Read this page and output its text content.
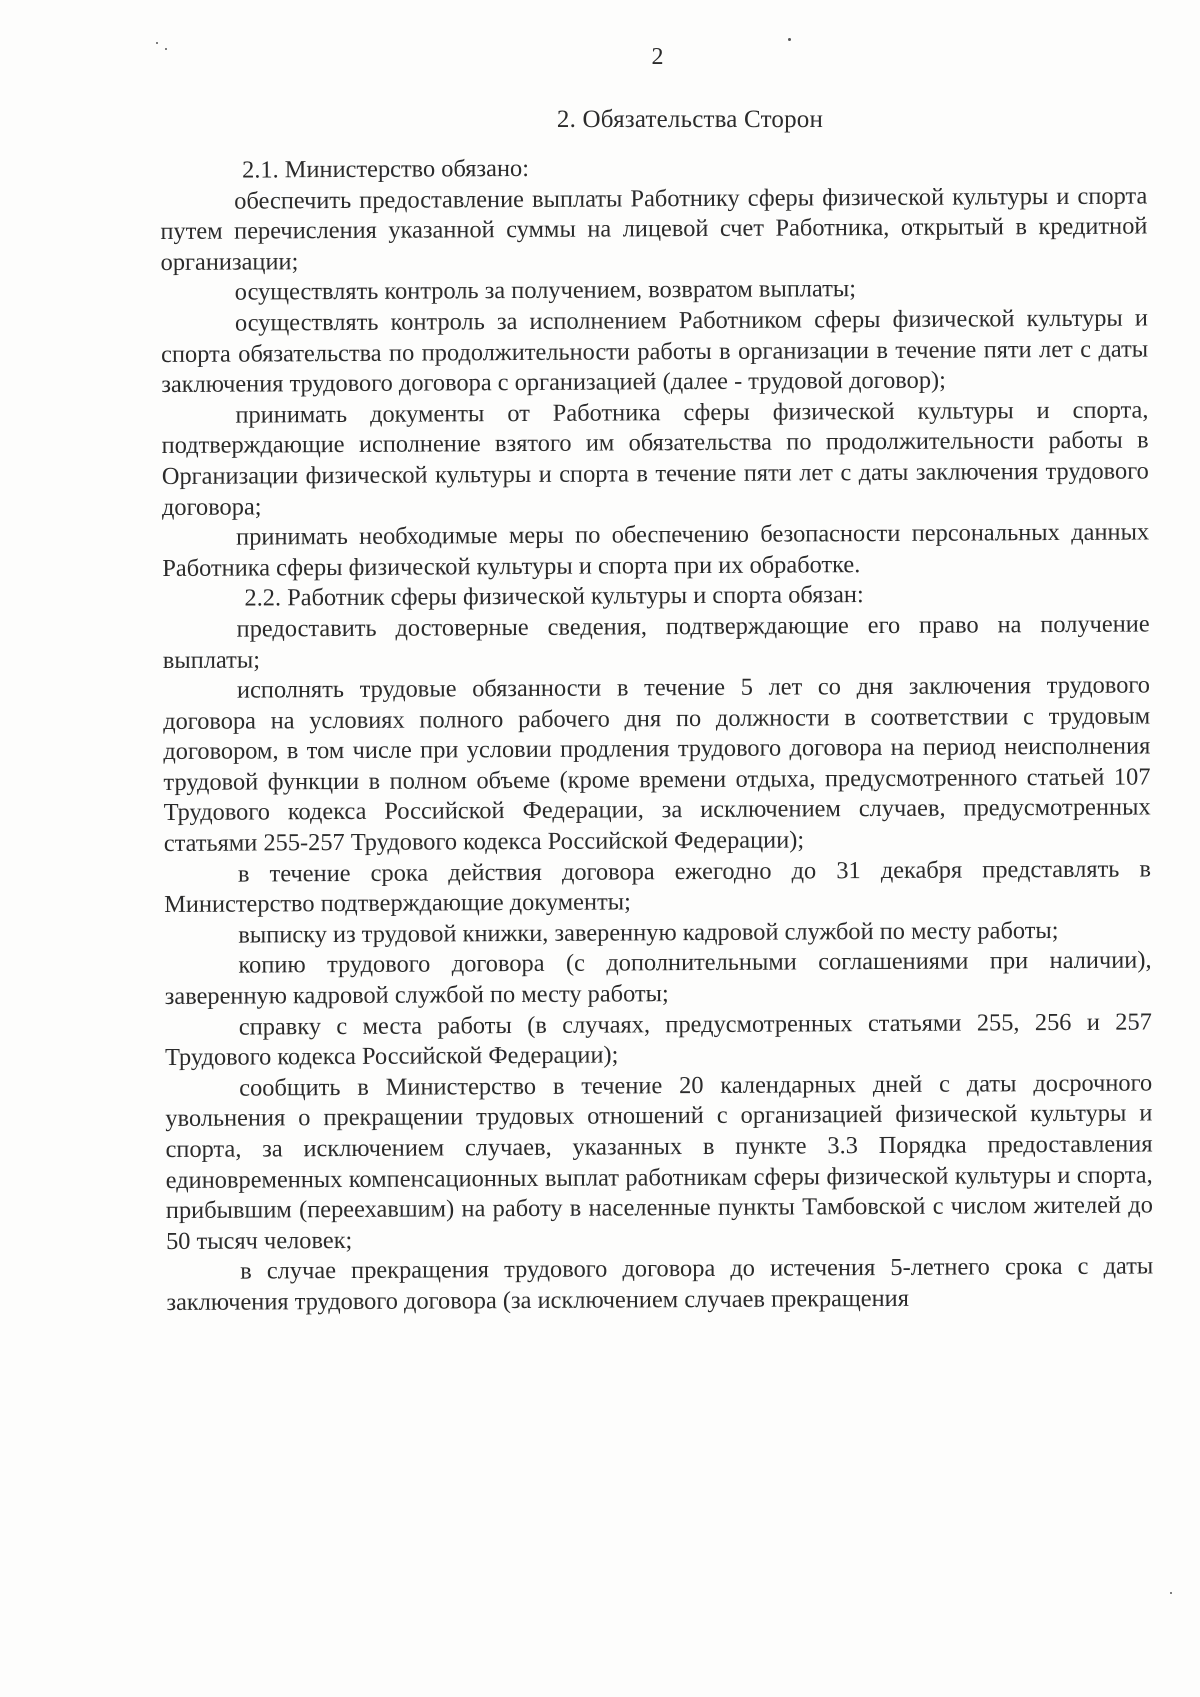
2
2. Обязательства Сторон

2.1. Министерство обязано:

обеспечить предоставление выплаты Работнику сферы физической культуры и спорта путем перечисления указанной суммы на лицевой счет Работника, открытый в кредитной организации;

осуществлять контроль за получением, возвратом выплаты;

осуществлять контроль за исполнением Работником сферы физической культуры и спорта обязательства по продолжительности работы в организации в течение пяти лет с даты заключения трудового договора с организацией (далее - трудовой договор);

принимать документы от Работника сферы физической культуры и спорта, подтверждающие исполнение взятого им обязательства по продолжительности работы в Организации физической культуры и спорта в течение пяти лет с даты заключения трудового договора;

принимать необходимые меры по обеспечению безопасности персональных данных Работника сферы физической культуры и спорта при их обработке.

2.2. Работник сферы физической культуры и спорта обязан:

предоставить достоверные сведения, подтверждающие его право на получение выплаты;

исполнять трудовые обязанности в течение 5 лет со дня заключения трудового договора на условиях полного рабочего дня по должности в соответствии с трудовым договором, в том числе при условии продления трудового договора на период неисполнения трудовой функции в полном объеме (кроме времени отдыха, предусмотренного статьей 107 Трудового кодекса Российской Федерации, за исключением случаев, предусмотренных статьями 255-257 Трудового кодекса Российской Федерации);

в течение срока действия договора ежегодно до 31 декабря представлять в Министерство подтверждающие документы;

выписку из трудовой книжки, заверенную кадровой службой по месту работы;

копию трудового договора (с дополнительными соглашениями при наличии), заверенную кадровой службой по месту работы;

справку с места работы (в случаях, предусмотренных статьями 255, 256 и 257 Трудового кодекса Российской Федерации);

сообщить в Министерство в течение 20 календарных дней с даты досрочного увольнения о прекращении трудовых отношений с организацией физической культуры и спорта, за исключением случаев, указанных в пункте 3.3 Порядка предоставления единовременных компенсационных выплат работникам сферы физической культуры и спорта, прибывшим (переехавшим) на работу в населенные пункты Тамбовской с числом жителей до 50 тысяч человек;

в случае прекращения трудового договора до истечения 5-летнего срока с даты заключения трудового договора (за исключением случаев прекращения
